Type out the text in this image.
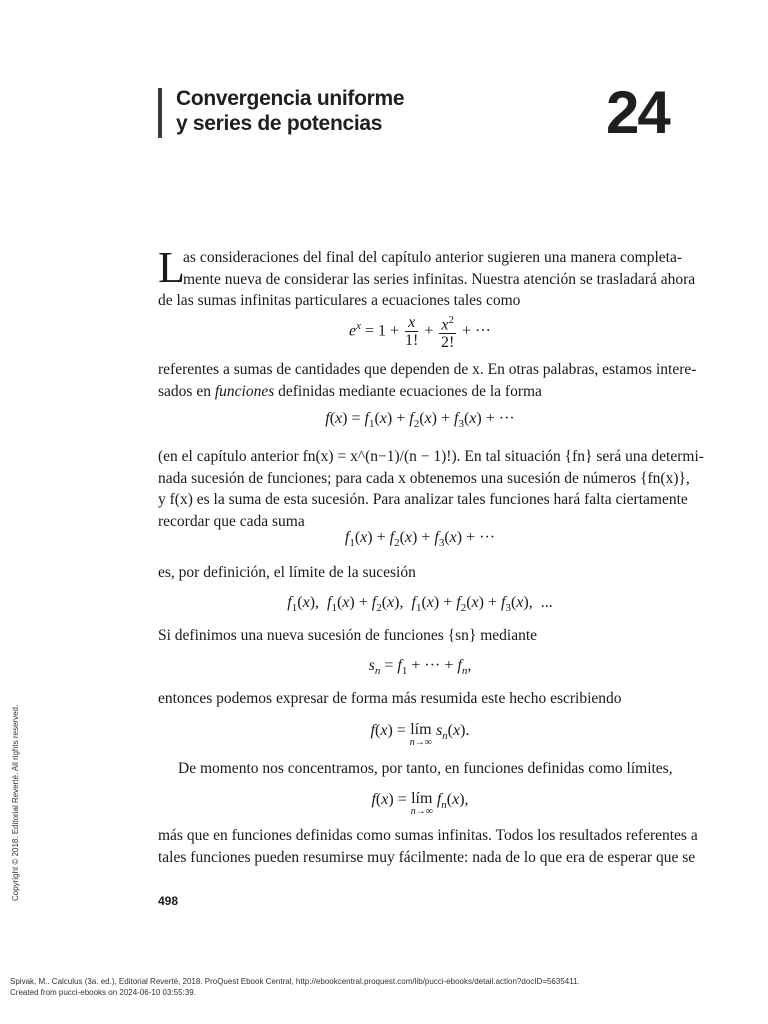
Convergencia uniforme
y series de potencias	24
L
as consideraciones del final del capítulo anterior sugieren una manera completa-
mente nueva de considerar las series infinitas. Nuestra atención se trasladará ahora
de las sumas infinitas particulares a ecuaciones tales como
$e^x = 1 + \frac{x}{1!} + \frac{x^2}{2!}$ + ···
referentes a sumas de cantidades que dependen de x. En otras palabras, estamos intere-
sados en funciones definidas mediante ecuaciones de la forma
$f(x) = f_1(x) + f_2(x) + f_3(x)$ + ···
(en el capítulo anterior fn(x) = x^(n−1)/(n − 1)!). En tal situación {fn} será una determi-
nada sucesión de funciones; para cada x obtenemos una sucesión de números {fn(x)},
y f(x) es la suma de esta sucesión. Para analizar tales funciones hará falta ciertamente
recordar que cada suma
$f_1(x) + f_2(x) + f_3(x)$ + ···
es, por definición, el límite de la sucesión
$f_1(x)$,  $f_1(x) + f_2(x)$,  $f_1(x) + f_2(x) + f_3(x)$,  ...
Si definimos una nueva sucesión de funciones {sn} mediante
$s_n = f_1$ + ··· + $f_n$,
entonces podemos expresar de forma más resumida este hecho escribiendo
f(x) = lím
n→∞
$s_n(x)$.
De momento nos concentramos, por tanto, en funciones definidas como límites,
f(x) = lím
n→∞
$f_n(x)$,
más que en funciones definidas como sumas infinitas. Todos los resultados referentes a
tales funciones pueden resumirse muy fácilmente: nada de lo que era de esperar que se
498
Copyright © 2018. Editorial Reverté. All rights reserved.
Spivak, M.. Calculus (3a. ed.), Editorial Reverté, 2018. ProQuest Ebook Central, http://ebookcentral.proquest.com/lib/pucci-ebooks/detail.action?docID=5635411.
Created from pucci-ebooks on 2024-06-10 03:55:39.
